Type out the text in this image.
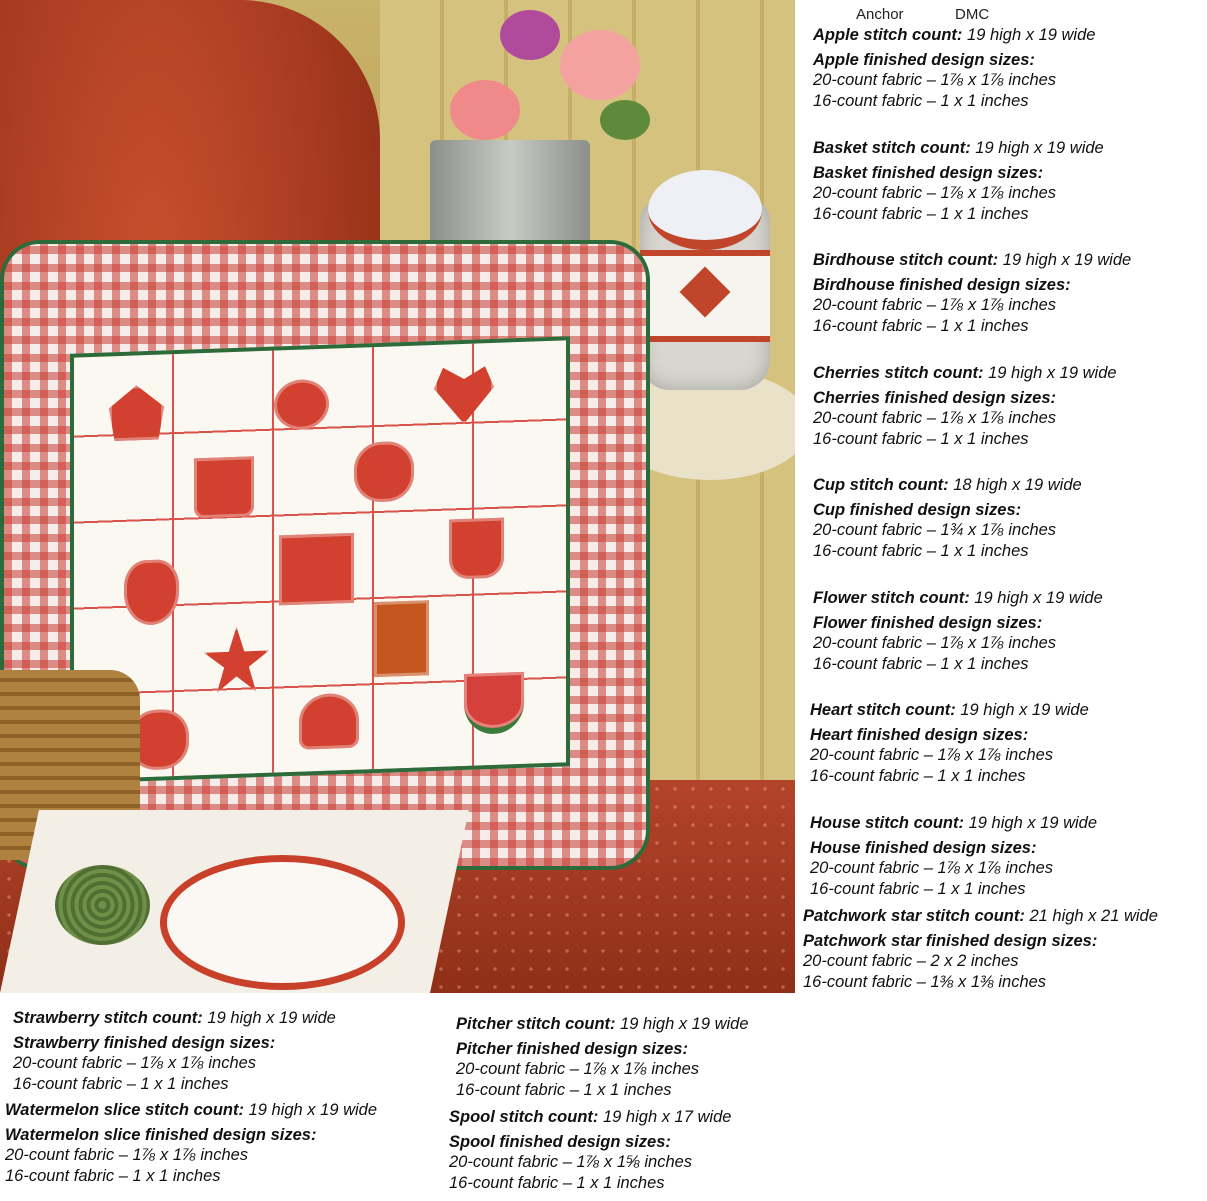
Anchor	DMC
Apple stitch count: 19 high x 19 wide
Apple finished design sizes:
20-count fabric – 1⅞ x 1⅞ inches
16-count fabric – 1 x 1 inches
Basket stitch count: 19 high x 19 wide
Basket finished design sizes:
20-count fabric – 1⅞ x 1⅞ inches
16-count fabric – 1 x 1 inches
Birdhouse stitch count: 19 high x 19 wide
Birdhouse finished design sizes:
20-count fabric – 1⅞ x 1⅞ inches
16-count fabric – 1 x 1 inches
Cherries stitch count: 19 high x 19 wide
Cherries finished design sizes:
20-count fabric – 1⅞ x 1⅞ inches
16-count fabric – 1 x 1 inches
Cup stitch count: 18 high x 19 wide
Cup finished design sizes:
20-count fabric – 1¾ x 1⅞ inches
16-count fabric – 1 x 1 inches
Flower stitch count: 19 high x 19 wide
Flower finished design sizes:
20-count fabric – 1⅞ x 1⅞ inches
16-count fabric – 1 x 1 inches
Heart stitch count: 19 high x 19 wide
Heart finished design sizes:
20-count fabric – 1⅞ x 1⅞ inches
16-count fabric – 1 x 1 inches
House stitch count: 19 high x 19 wide
House finished design sizes:
20-count fabric – 1⅞ x 1⅞ inches
16-count fabric – 1 x 1 inches
Patchwork star stitch count: 21 high x 21 wide
Patchwork star finished design sizes:
20-count fabric – 2 x 2 inches
16-count fabric – 1⅜ x 1⅜ inches
Strawberry stitch count: 19 high x 19 wide
Strawberry finished design sizes:
20-count fabric – 1⅞ x 1⅞ inches
16-count fabric – 1 x 1 inches
Watermelon slice stitch count: 19 high x 19 wide
Watermelon slice finished design sizes:
20-count fabric – 1⅞ x 1⅞ inches
16-count fabric – 1 x 1 inches
Pitcher stitch count: 19 high x 19 wide
Pitcher finished design sizes:
20-count fabric – 1⅞ x 1⅞ inches
16-count fabric – 1 x 1 inches
Spool stitch count: 19 high x 17 wide
Spool finished design sizes:
20-count fabric – 1⅞ x 1⅝ inches
16-count fabric – 1 x 1 inches
